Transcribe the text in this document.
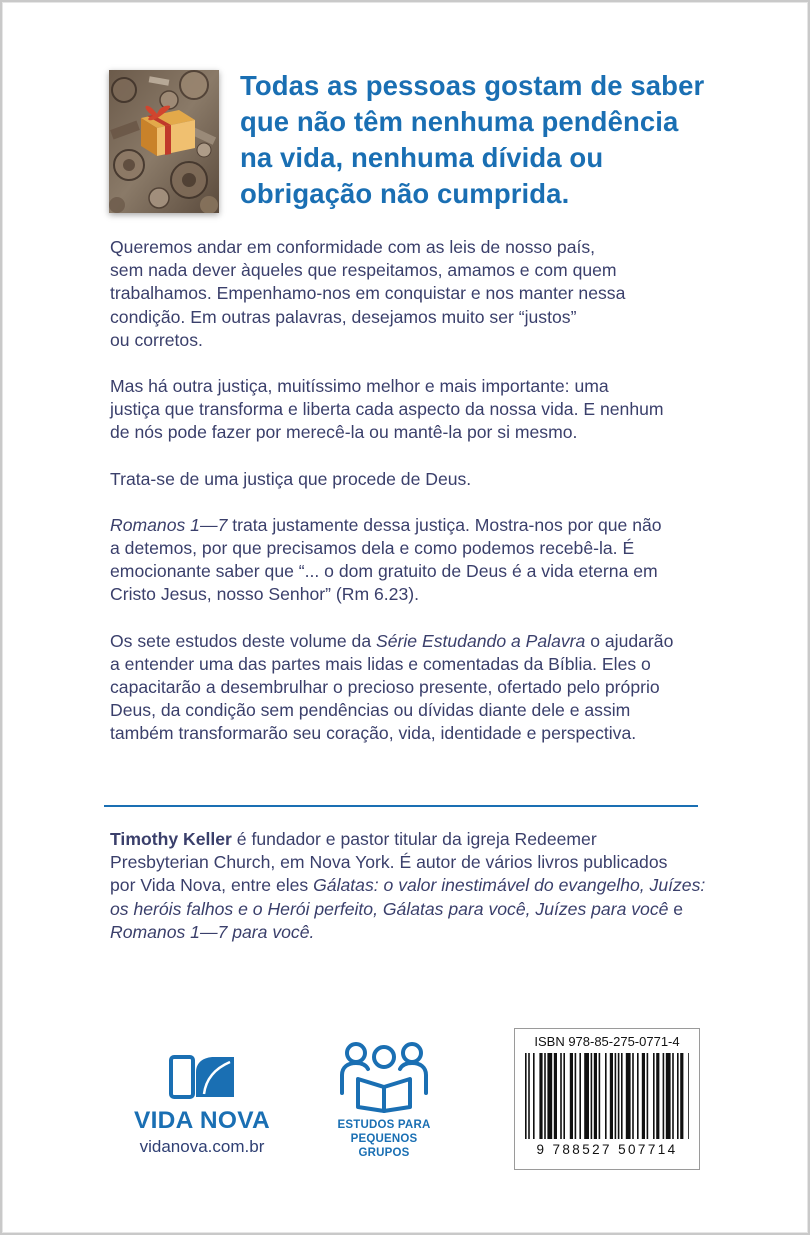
Todas as pessoas gostam de saber
que não têm nenhuma pendência
na vida, nenhuma dívida ou
obrigação não cumprida.

Queremos andar em conformidade com as leis de nosso país,
sem nada dever àqueles que respeitamos, amamos e com quem
trabalhamos. Empenhamo-nos em conquistar e nos manter nessa
condição. Em outras palavras, desejamos muito ser “justos”
ou corretos.

Mas há outra justiça, muitíssimo melhor e mais importante: uma
justiça que transforma e liberta cada aspecto da nossa vida. E nenhum
de nós pode fazer por merecê-la ou mantê-la por si mesmo.

Trata-se de uma justiça que procede de Deus.

Romanos 1—7 trata justamente dessa justiça. Mostra-nos por que não
a detemos, por que precisamos dela e como podemos recebê-la. É
emocionante saber que “... o dom gratuito de Deus é a vida eterna em
Cristo Jesus, nosso Senhor” (Rm 6.23).

Os sete estudos deste volume da Série Estudando a Palavra o ajudarão
a entender uma das partes mais lidas e comentadas da Bíblia. Eles o
capacitarão a desembrulhar o precioso presente, ofertado pelo próprio
Deus, da condição sem pendências ou dívidas diante dele e assim
também transformarão seu coração, vida, identidade e perspectiva.

Timothy Keller é fundador e pastor titular da igreja Redeemer
Presbyterian Church, em Nova York. É autor de vários livros publicados
por Vida Nova, entre eles Gálatas: o valor inestimável do evangelho, Juízes:
os heróis falhos e o Herói perfeito, Gálatas para você, Juízes para você e
Romanos 1—7 para você.
VIDA NOVA
vidanova.com.br
ESTUDOS PARA
PEQUENOS GRUPOS
ISBN 978-85-275-0771-4
9 788527 507714
